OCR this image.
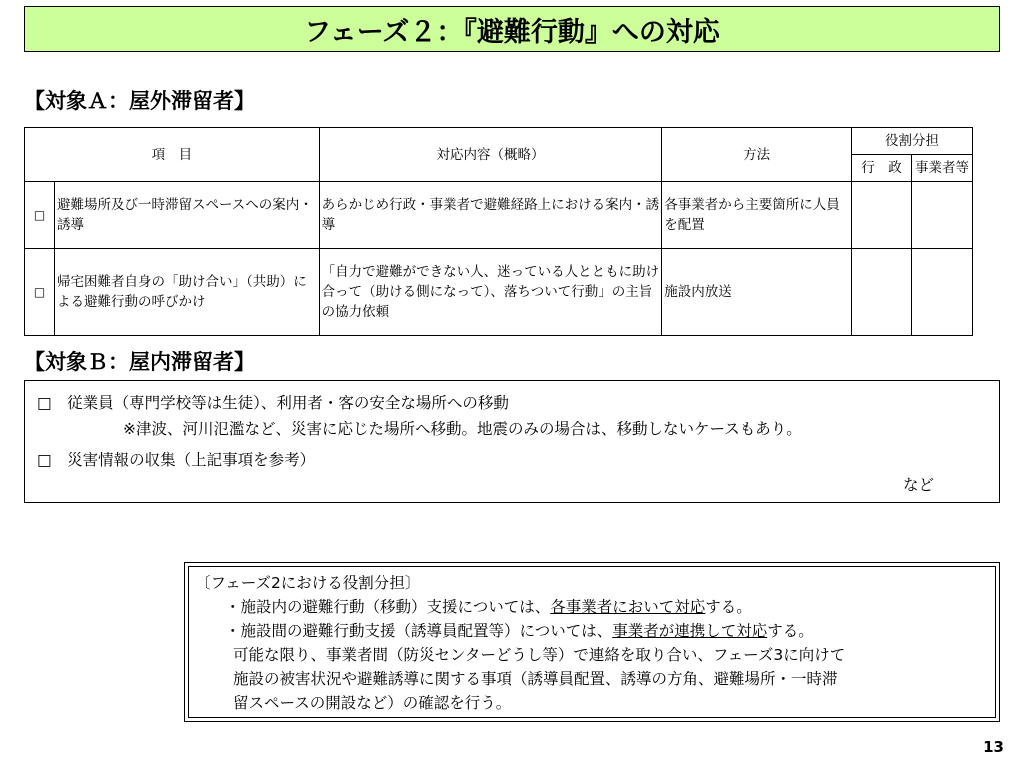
フェーズ２：『避難行動』への対応
【対象Ａ：屋外滞留者】
項　目		対応内容（概略）	方法	役割分担	
				行　政	事業者等
□	避難場所及び一時滞留スペースへの案内・誘導	あらかじめ行政・事業者で避難経路上における案内・誘導	各事業者から主要箇所に人員を配置		
□	帰宅困難者自身の「助け合い」（共助）による避難行動の呼びかけ	「自力で避難ができない人、迷っている人とともに助け合って（助ける側になって）、落ちついて行動」の主旨の協力依頼	施設内放送		
【対象Ｂ：屋内滞留者】
□　従業員（専門学校等は生徒）、利用者・客の安全な場所への移動
※津波、河川氾濫など、災害に応じた場所へ移動。地震のみの場合は、移動しないケースもあり。
□　災害情報の収集（上記事項を参考）
など
〔フェーズ2における役割分担〕
・施設内の避難行動（移動）支援については、各事業者において対応する。
・施設間の避難行動支援（誘導員配置等）については、事業者が連携して対応する。
可能な限り、事業者間（防災センターどうし等）で連絡を取り合い、フェーズ3に向けて
施設の被害状況や避難誘導に関する事項（誘導員配置、誘導の方角、避難場所・一時滞
留スペースの開設など）の確認を行う。
13
